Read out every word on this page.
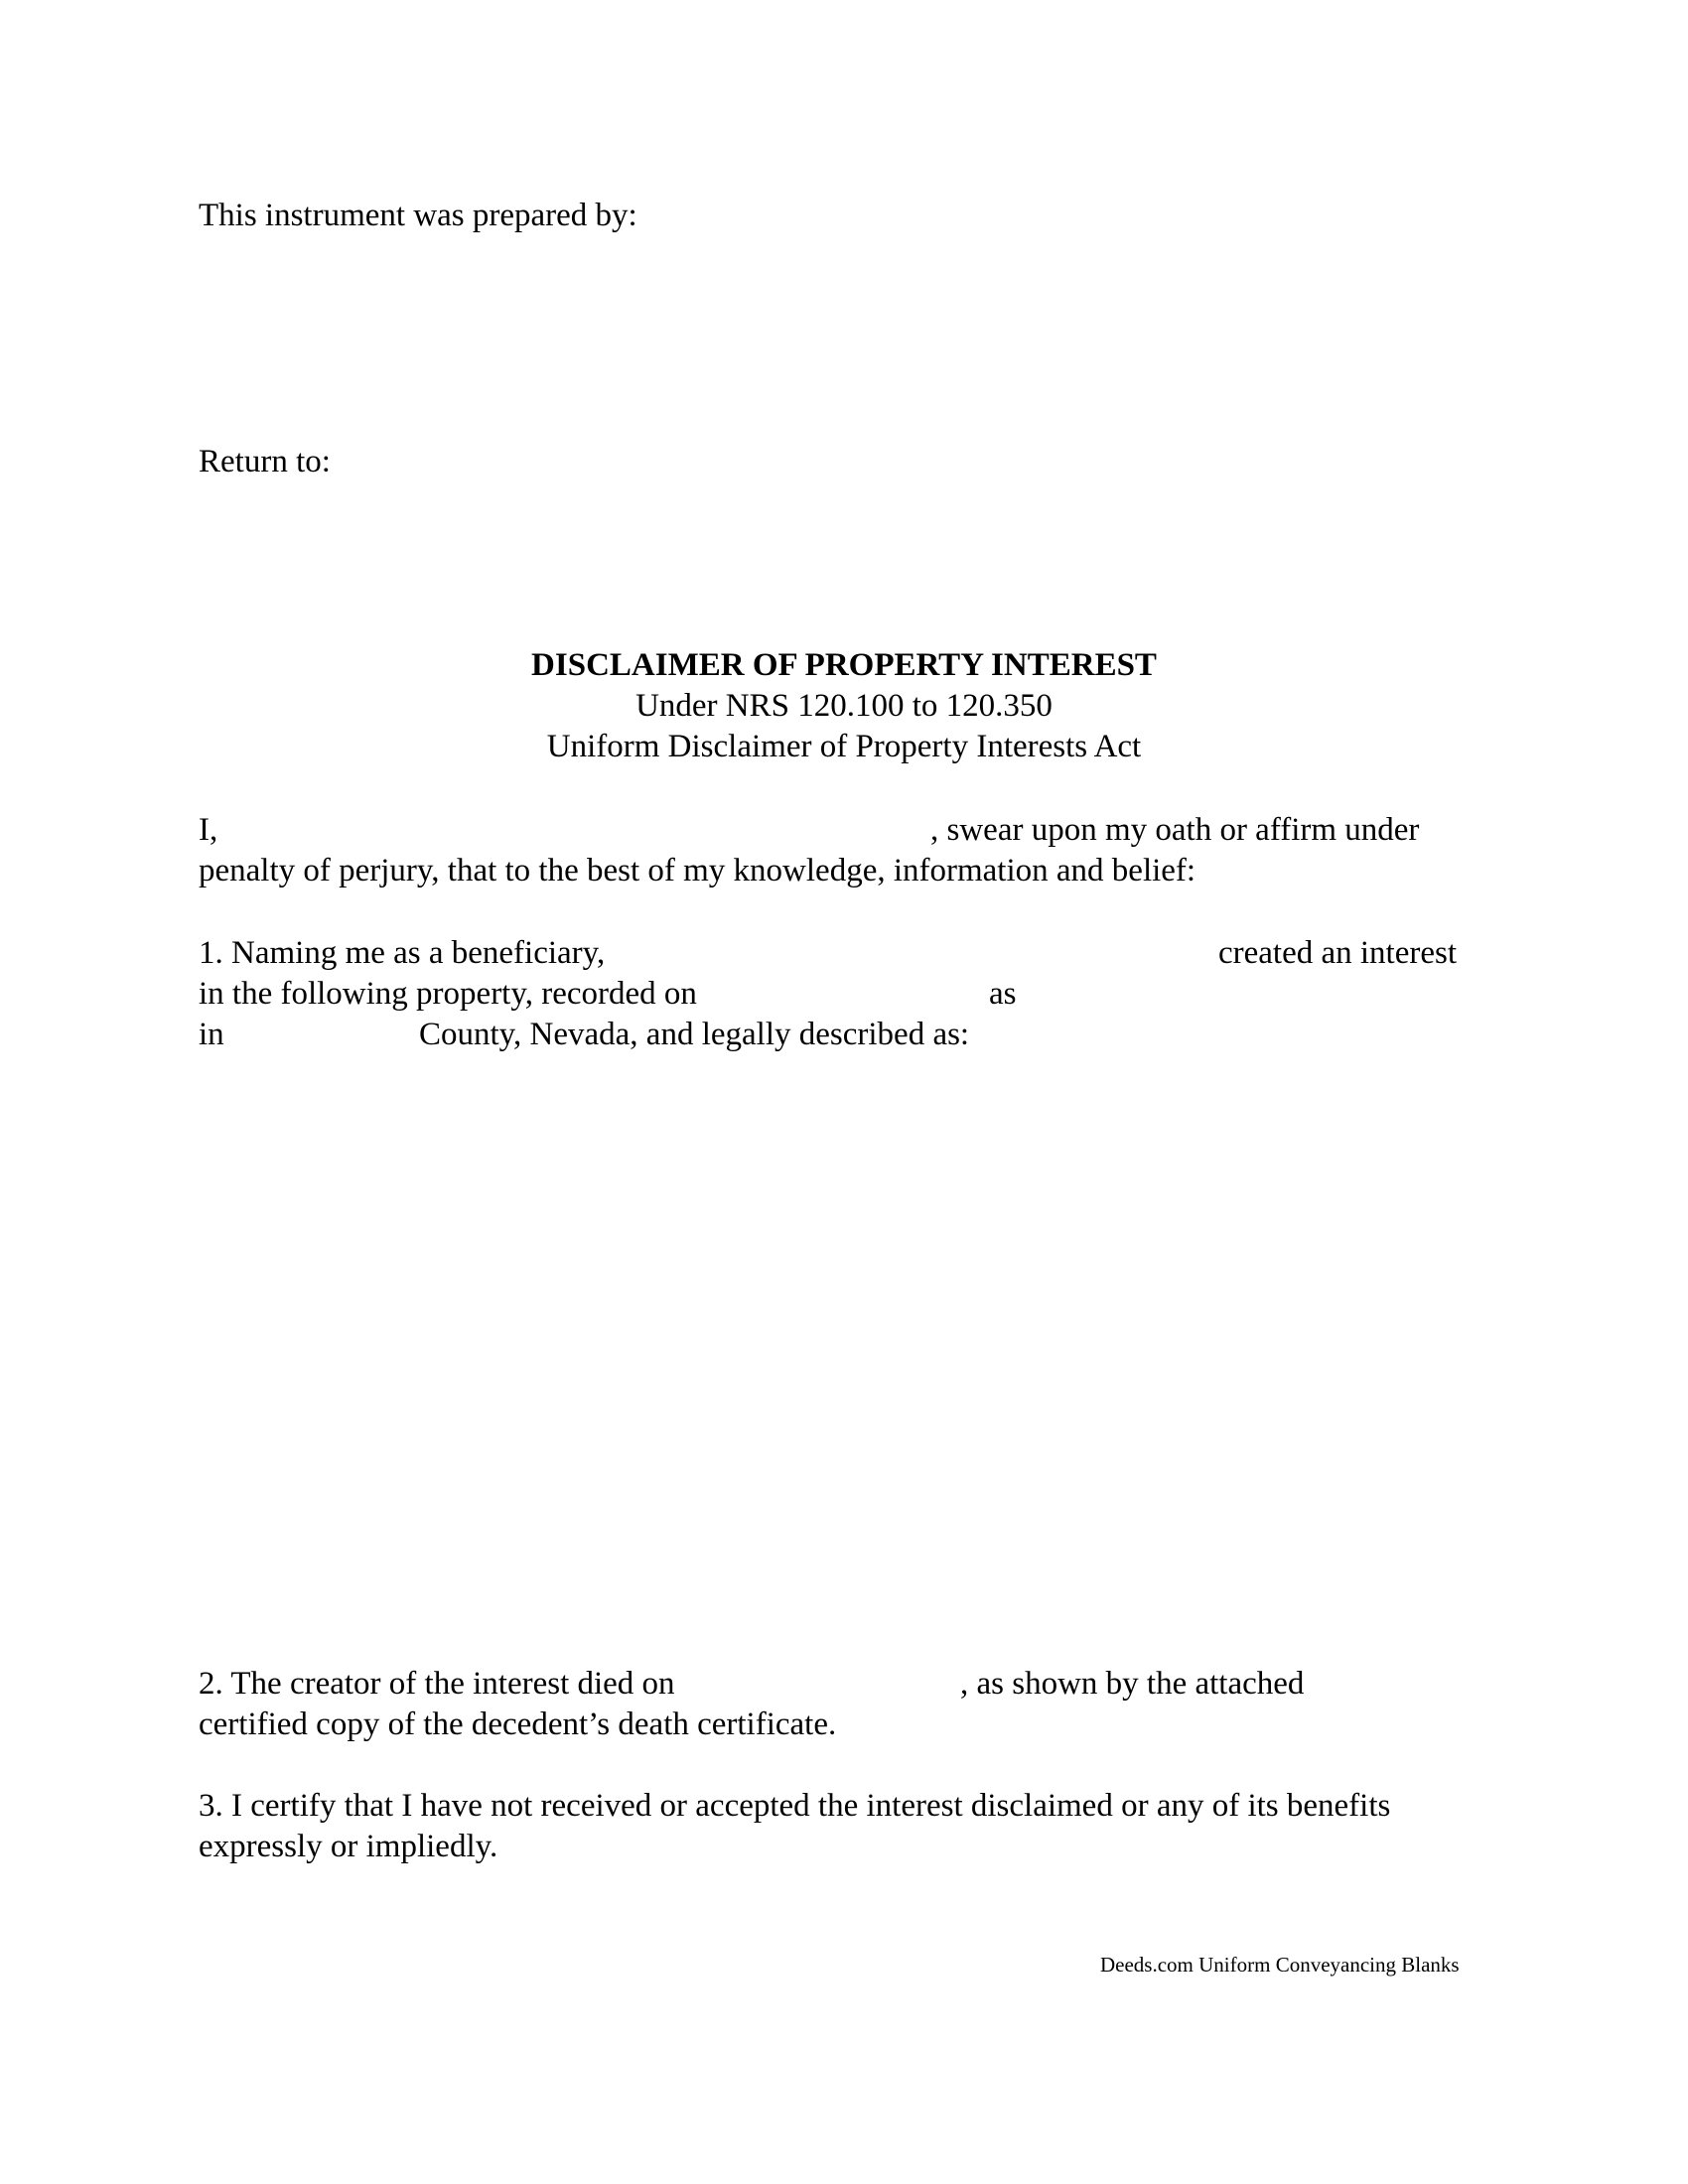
This instrument was prepared by:
Return to:
DISCLAIMER OF PROPERTY INTEREST
Under NRS 120.100 to 120.350
Uniform Disclaimer of Property Interests Act
I,	, swear upon my oath or affirm under
penalty of perjury, that to the best of my knowledge, information and belief:
1. Naming me as a beneficiary,	created an interest
in the following property, recorded on	as
in	County, Nevada, and legally described as:
2. The creator of the interest died on	, as shown by the attached
certified copy of the decedent’s death certificate.
3. I certify that I have not received or accepted the interest disclaimed or any of its benefits
expressly or impliedly.
Deeds.com Uniform Conveyancing Blanks
